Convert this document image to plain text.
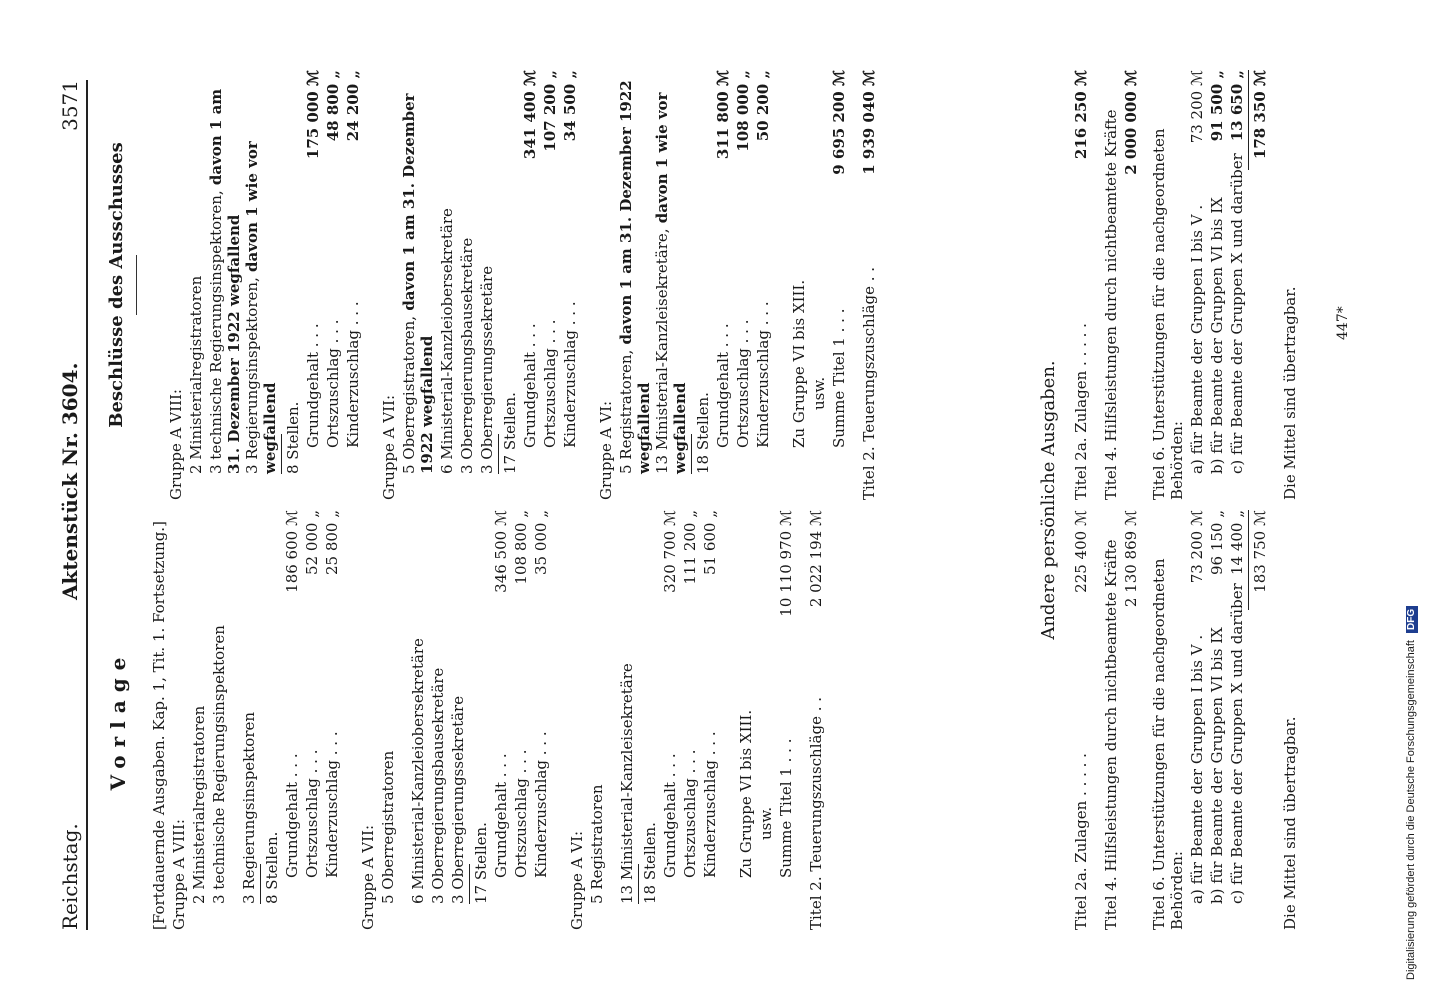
Reichstag.
Aktenstück Nr. 3604.
3571
Vorlage [Fortdauernde Ausgaben. Kap. 1, Tit. 1. Fortsetzung.] Gruppe A VIII: 2 Ministerialregistratoren 3 technische Regierungsinspektoren 3 Regierungsinspektoren 8 Stellen. Grundgehalt . . .
186 600 ℳ
Ortszuschlag . . .
52 000 „
Kinderzuschlag . . .
25 800 „
Gruppe A VII: 5 Oberregistratoren 6 Ministerial-Kanzleiobersekretäre 3 Oberregierungsbausekretäre 3 Oberregierungssekretäre 17 Stellen. Grundgehalt . . .
346 500 ℳ
Ortszuschlag . . .
108 800 „
Kinderzuschlag . . .
35 000 „
Gruppe A VI: 5 Registratoren 13 Ministerial-Kanzleisekretäre 18 Stellen. Grundgehalt . . .
320 700 ℳ
Ortszuschlag . . .
111 200 „
Kinderzuschlag . . .
51 600 „
Zu Gruppe VI bis XIII. usw. Summe Titel 1 . . .
10 110 970 ℳ
Titel 2. Teuerungszuschläge . .
2 022 194 ℳ
Beschlüsse des Ausschusses
Gruppe A VIII: 2 Ministerialregistratoren 3 technische Regierungsinspektoren, davon 1 am 31. Dezember 1922 wegfallend 3 Regierungsinspektoren, davon 1 wie vor wegfallend 8 Stellen. Grundgehalt . . .
175 000 ℳ
Ortszuschlag . . .
48 800 „
Kinderzuschlag . . .
24 200 „
Gruppe A VII: 5 Oberregistratoren, davon 1 am 31. Dezember 1922 wegfallend 6 Ministerial-Kanzleiobersekretäre 3 Oberregierungsbausekretäre 3 Oberregierungssekretäre 17 Stellen. Grundgehalt . . .
341 400 ℳ
Ortszuschlag . . .
107 200 „
Kinderzuschlag . . .
34 500 „
Gruppe A VI: 5 Registratoren, davon 1 am 31. Dezember 1922 wegfallend 13 Ministerial-Kanzleisekretäre, davon 1 wie vor wegfallend 18 Stellen. Grundgehalt . . .
311 800 ℳ
Ortszuschlag . . .
108 000 „
Kinderzuschlag . . .
50 200 „
Zu Gruppe VI bis XIII. usw. Summe Titel 1 . . .
9 695 200 ℳ
Titel 2. Teuerungszuschläge . .
1 939 040 ℳ
Andere persönliche Ausgaben.
Titel 2a. Zulagen . . . . .
225 400 ℳ Titel 4. Hilfsleistungen durch nichtbeamtete Kräfte 2 130 869 ℳ Titel 6. Unterstützungen für die nachgeordneten Behörden: a) für Beamte der Gruppen I bis V .
73 200 ℳ
b) für Beamte der Gruppen VI bis IX
96 150 „
c) für Beamte der Gruppen X und darüber
14 400 „ 183 750 ℳ
Die Mittel sind übertragbar.
Titel 2a. Zulagen . . . . .
216 250 ℳ Titel 4. Hilfsleistungen durch nichtbeamtete Kräfte 2 000 000 ℳ
Titel 6. Unterstützungen für die nachgeordneten Behörden: a) für Beamte der Gruppen I bis V .
73 200 ℳ
b) für Beamte der Gruppen VI bis IX
91 500 „
c) für Beamte der Gruppen X und darüber
13 650 „ 178 350 ℳ
Die Mittel sind übertragbar.	447*
Digitalisierung gefördert durch die Deutsche Forschungsgemeinschaft DFG
